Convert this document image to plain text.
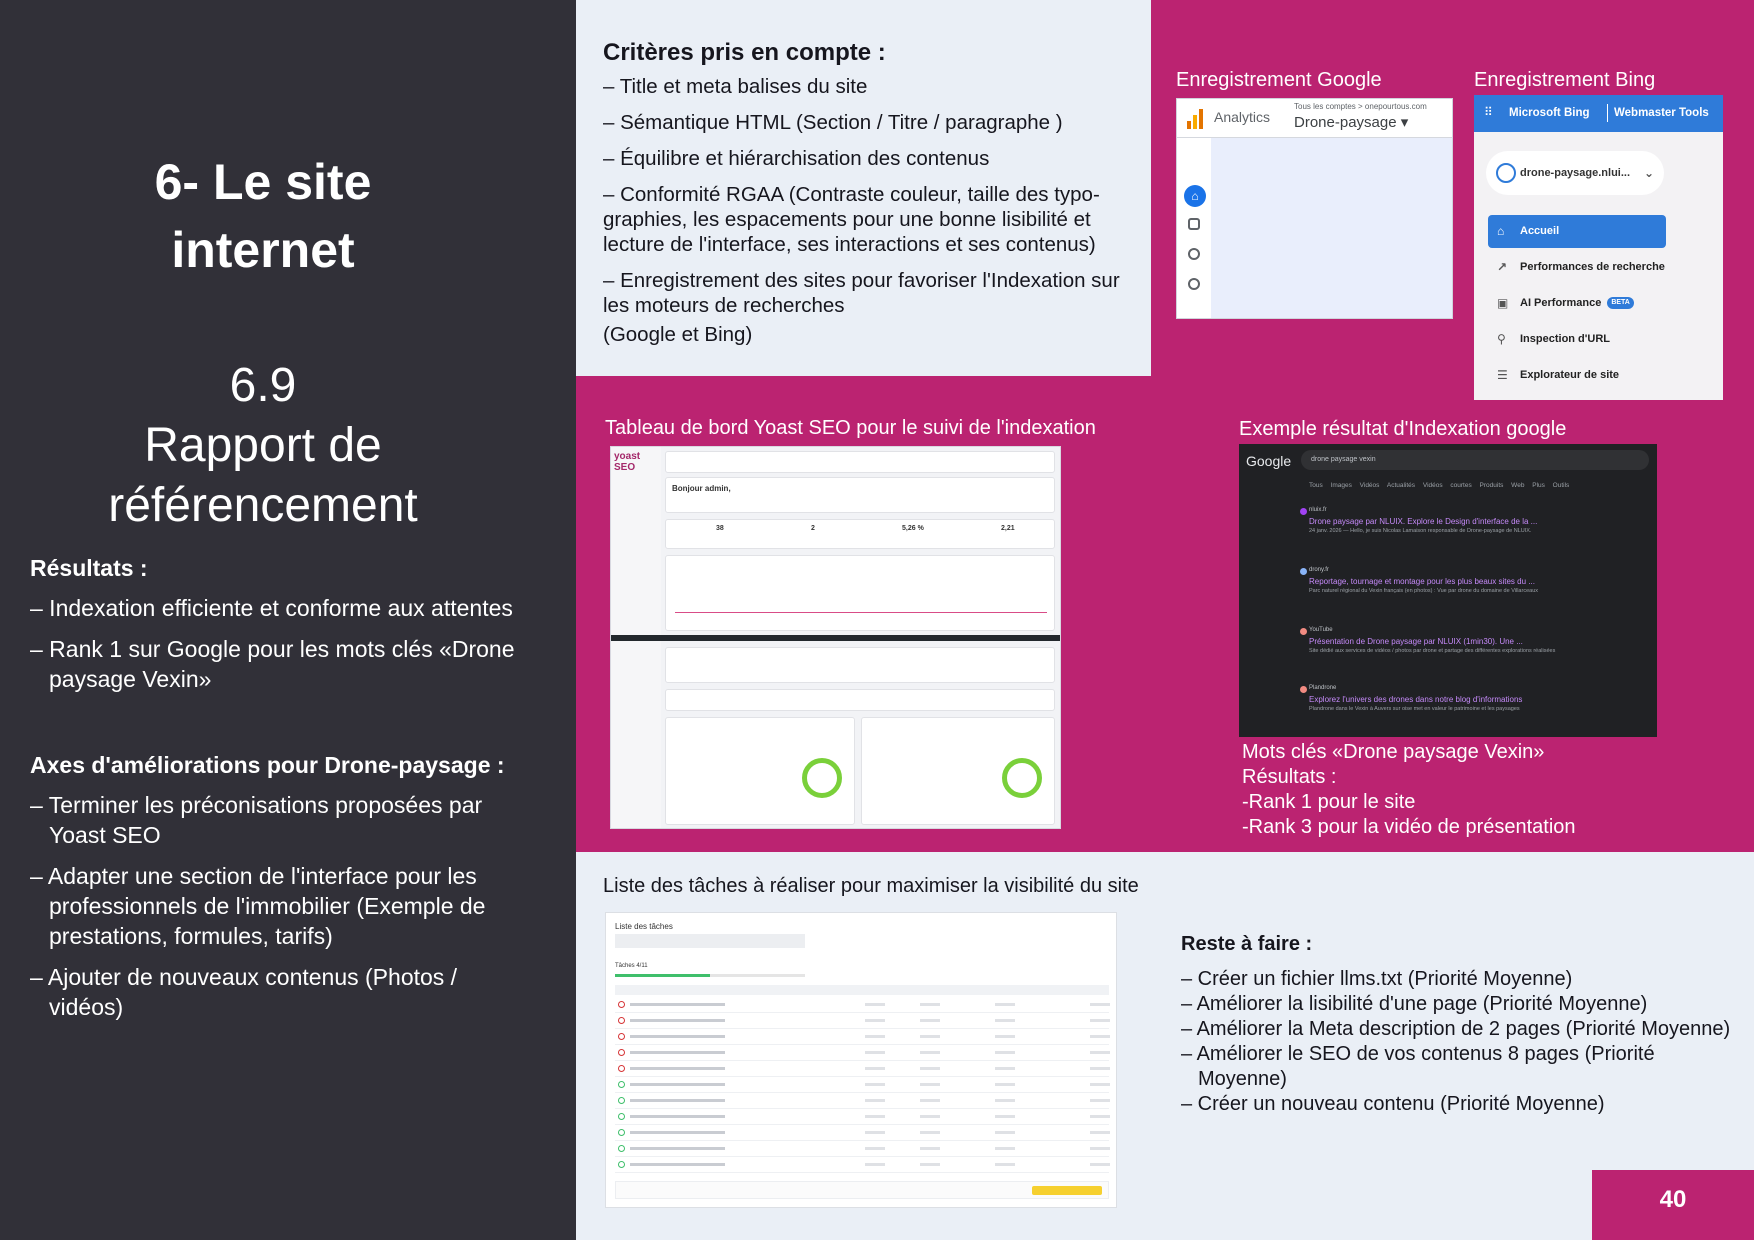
6- Le site
internet
6.9
Rapport de
référencement
Résultats :
– Indexation efficiente et conforme aux attentes
– Rank 1 sur Google pour les mots clés «Drone paysage Vexin»
Axes d'améliorations pour Drone-paysage :
– Terminer les préconisations proposées par Yoast SEO
– Adapter une section de l'interface pour les professionnels de l'immobilier (Exemple de prestations, formules, tarifs)
– Ajouter de nouveaux contenus (Photos / vidéos)
Critères pris en compte :

– Title et meta balises du site

– Sémantique HTML (Section / Titre / paragraphe )

– Équilibre et hiérarchisation des contenus

– Conformité RGAA (Contraste couleur, taille des typo-graphies, les espacements pour une bonne lisibilité et lecture de l'interface, ses interactions et ses contenus)

– Enregistrement des sites pour favoriser l'Indexation sur les moteurs de recherches

(Google et Bing)

Enregistrement Google
Analytics
Tous les comptes > onepourtous.com
Drone-paysage ▾
⌂
Enregistrement Bing
⠿ Microsoft Bing Webmaster Tools
drone-paysage.nlui... ⌄
⌂ Accueil
↗ Performances de recherche
▣ AI Performance BETA
⚲ Inspection d'URL
☰ Explorateur de site
Tableau de bord Yoast SEO pour le suivi de l'indexation
yoast SEO
Bonjour admin,
38	2	5,26 %	2,21
Exemple résultat d'Indexation google
Google	drone paysage vexin
Tous Images Vidéos Actualités Vidéos courtes Produits Web Plus Outils
nluix.fr
Drone paysage par NLUIX. Explore le Design d'interface de la ...
24 janv. 2026 — Hello, je suis Nicolas Lamaison responsable de Drone-paysage de NLUIX.
drony.fr
Reportage, tournage et montage pour les plus beaux sites du ...
Parc naturel régional du Vexin français (en photos) : Vue par drone du domaine de Villarceaux
YouTube
Présentation de Drone paysage par NLUIX (1min30). Une ...
Site dédié aux services de vidéos / photos par drone et partage des différentes explorations réalisées
Plandrone
Explorez l'univers des drones dans notre blog d'informations
Plandrone dans le Vexin à Auvers sur oise met en valeur le patrimoine et les paysages
Mots clés «Drone paysage Vexin»
Résultats :
-Rank 1 pour le site
-Rank 3 pour la vidéo de présentation
Liste des tâches à réaliser pour maximiser la visibilité du site
Liste des tâches
Tâches 4/11
Reste à faire :
– Créer un fichier llms.txt (Priorité Moyenne)
– Améliorer la lisibilité d'une page (Priorité Moyenne)
– Améliorer la Meta description de 2 pages (Priorité Moyenne)
– Améliorer le SEO de vos contenus 8 pages (Priorité Moyenne)
– Créer un nouveau contenu (Priorité Moyenne)
40
